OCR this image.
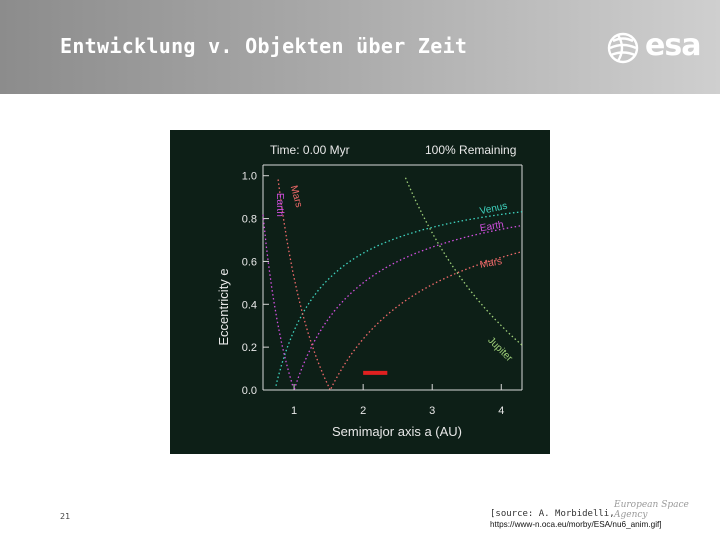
Entwicklung v. Objekten über Zeit	esa
Time: 0.00 Myr	100% Remaining
0.0
0.2
0.4
0.6
0.8
1.0
1	2	3	4
Venus
Earth
Mars
Earth Mars
Jupiter
Semimajor axis a (AU)
Eccentricity e
21
European Space Agency
[source: A. Morbidelli,
https://www-n.oca.eu/morby/ESA/nu6_anim.gif]
